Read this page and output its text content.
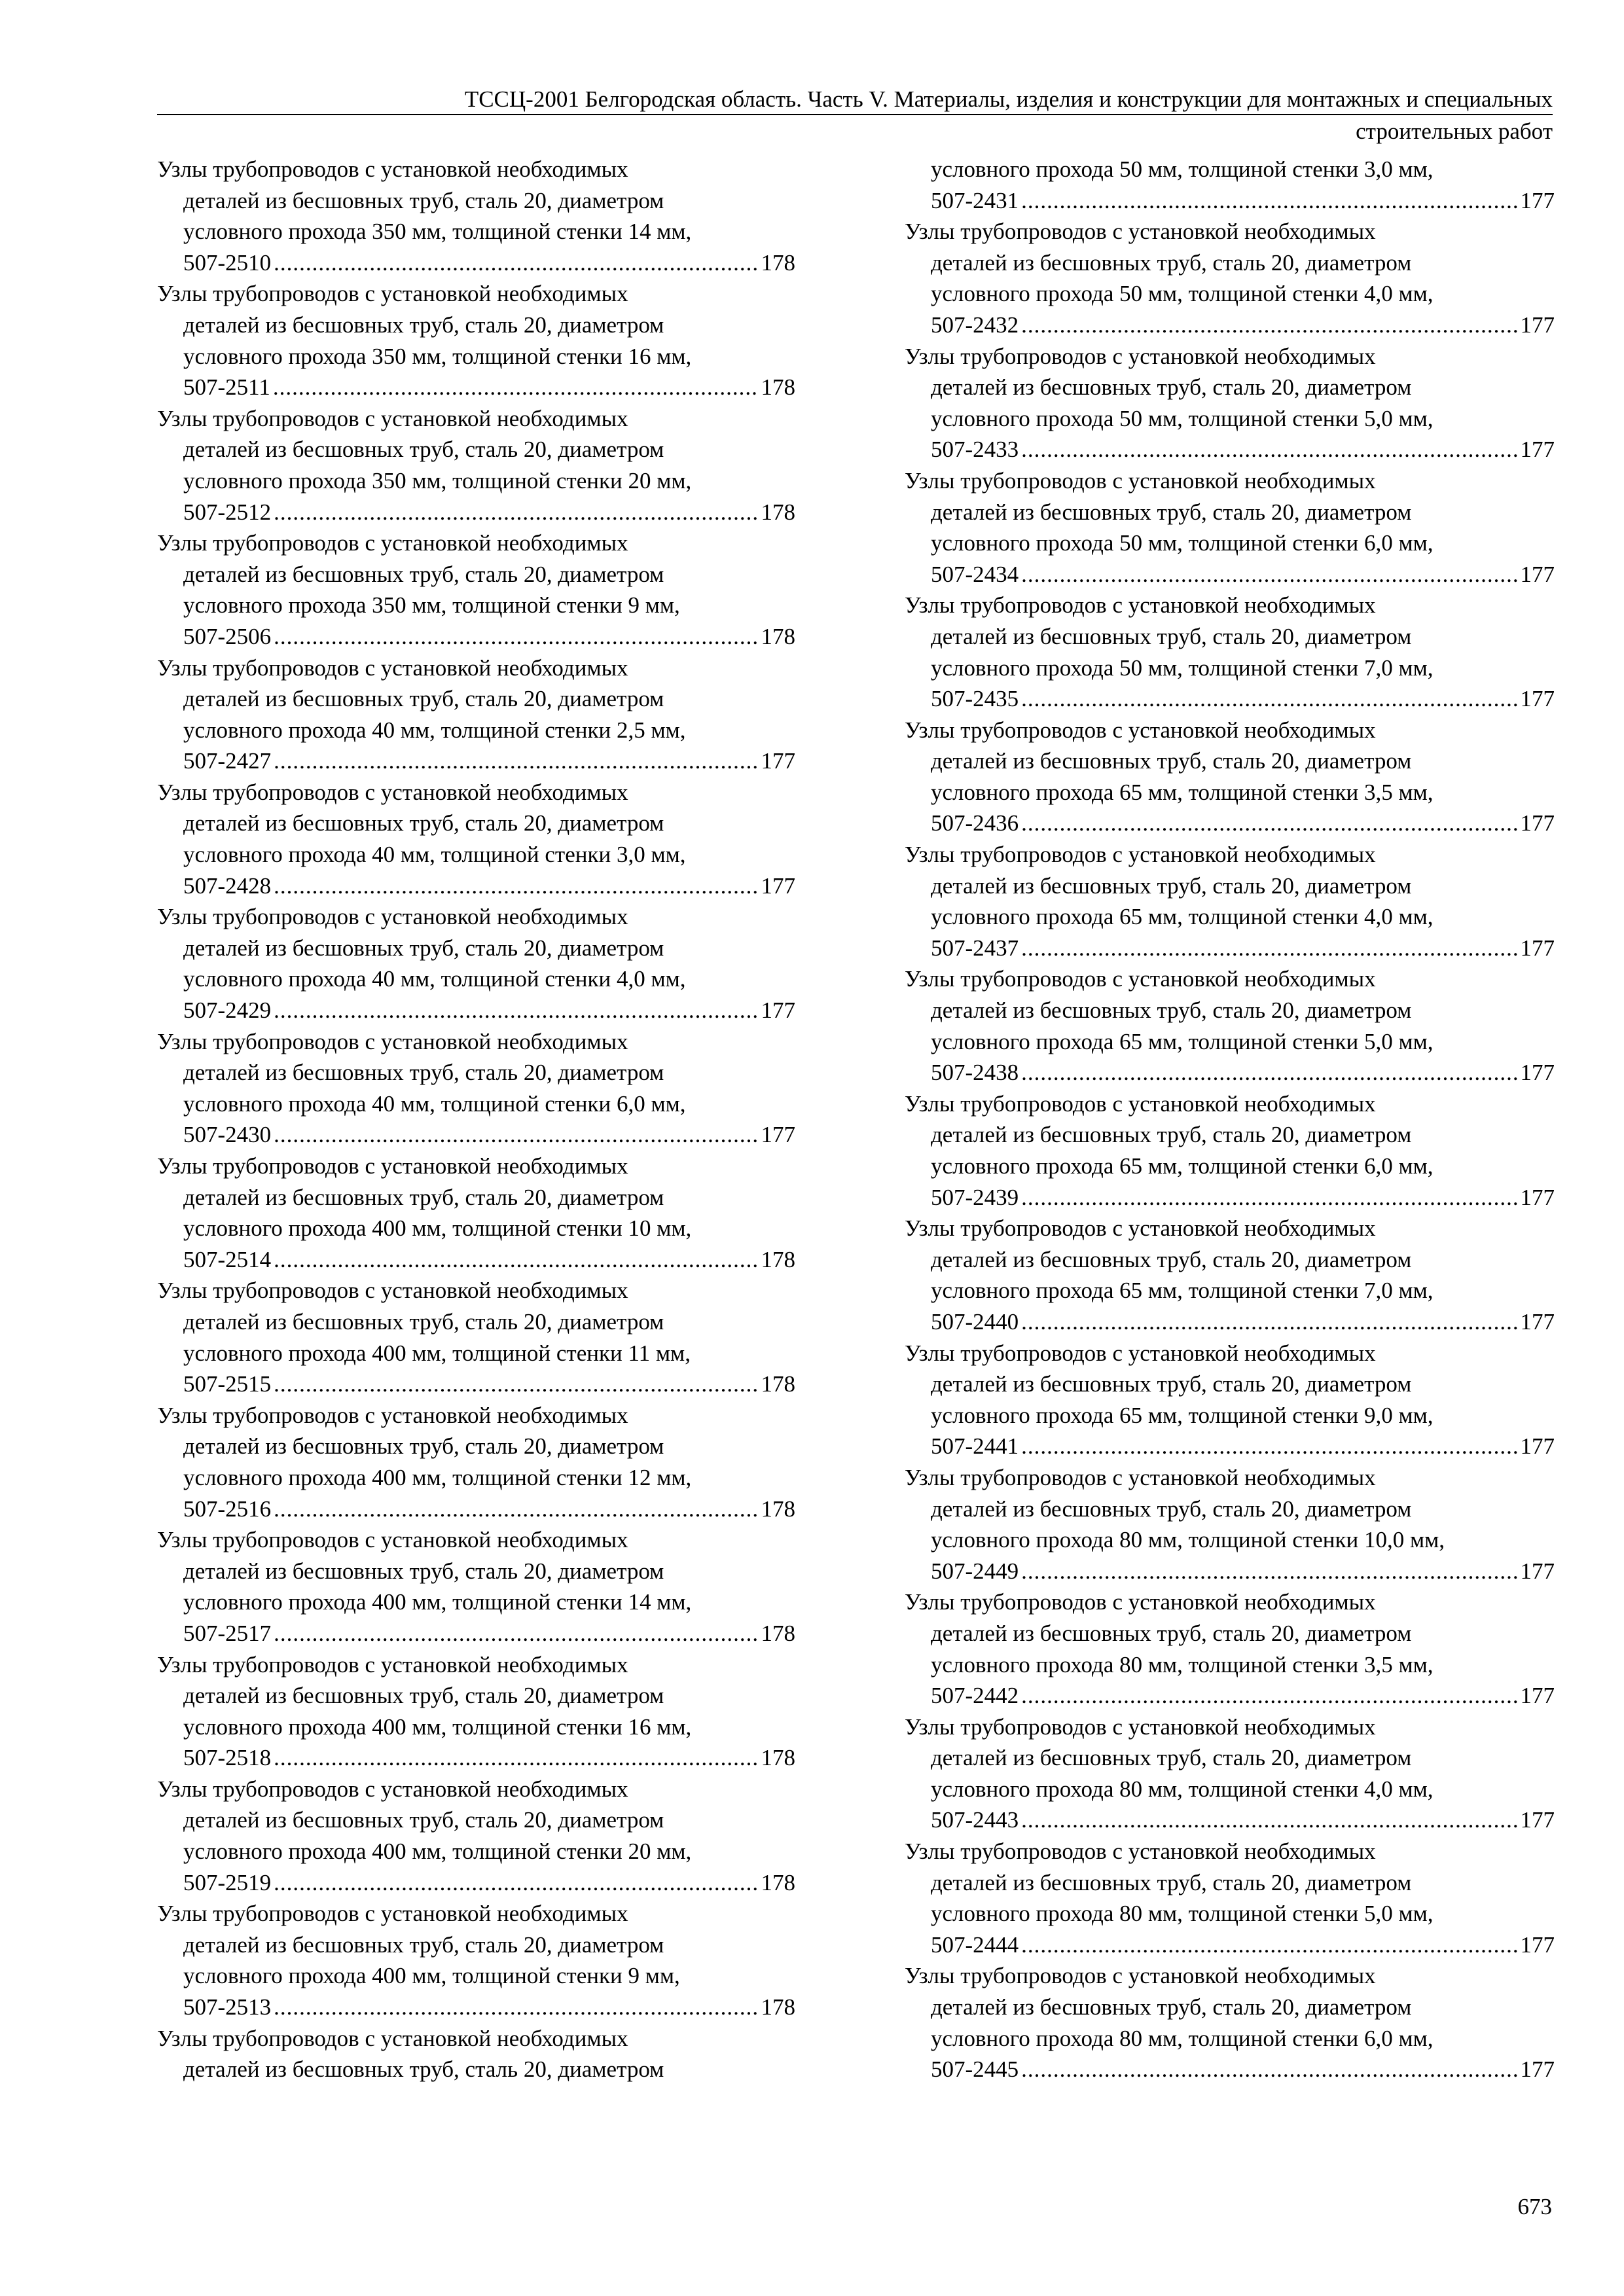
ТССЦ-2001 Белгородская область. Часть V. Материалы, изделия и конструкции для монтажных и специальных
строительных работ
Узлы трубопроводов с установкой необходимых
деталей из бесшовных труб, сталь 20, диаметром
условного прохода 350 мм, толщиной стенки 14 мм,
507-2510 .....	178
Узлы трубопроводов с установкой необходимых
деталей из бесшовных труб, сталь 20, диаметром
условного прохода 350 мм, толщиной стенки 16 мм,
507-2511 .....	178
Узлы трубопроводов с установкой необходимых
деталей из бесшовных труб, сталь 20, диаметром
условного прохода 350 мм, толщиной стенки 20 мм,
507-2512 .....	178
Узлы трубопроводов с установкой необходимых
деталей из бесшовных труб, сталь 20, диаметром
условного прохода 350 мм, толщиной стенки 9 мм,
507-2506 .....	178
Узлы трубопроводов с установкой необходимых
деталей из бесшовных труб, сталь 20, диаметром
условного прохода 40 мм, толщиной стенки 2,5 мм,
507-2427 .....	177
Узлы трубопроводов с установкой необходимых
деталей из бесшовных труб, сталь 20, диаметром
условного прохода 40 мм, толщиной стенки 3,0 мм,
507-2428 .....	177
Узлы трубопроводов с установкой необходимых
деталей из бесшовных труб, сталь 20, диаметром
условного прохода 40 мм, толщиной стенки 4,0 мм,
507-2429 .....	177
Узлы трубопроводов с установкой необходимых
деталей из бесшовных труб, сталь 20, диаметром
условного прохода 40 мм, толщиной стенки 6,0 мм,
507-2430 .....	177
Узлы трубопроводов с установкой необходимых
деталей из бесшовных труб, сталь 20, диаметром
условного прохода 400 мм, толщиной стенки 10 мм,
507-2514 .....	178
Узлы трубопроводов с установкой необходимых
деталей из бесшовных труб, сталь 20, диаметром
условного прохода 400 мм, толщиной стенки 11 мм,
507-2515 .....	178
Узлы трубопроводов с установкой необходимых
деталей из бесшовных труб, сталь 20, диаметром
условного прохода 400 мм, толщиной стенки 12 мм,
507-2516 .....	178
Узлы трубопроводов с установкой необходимых
деталей из бесшовных труб, сталь 20, диаметром
условного прохода 400 мм, толщиной стенки 14 мм,
507-2517 .....	178
Узлы трубопроводов с установкой необходимых
деталей из бесшовных труб, сталь 20, диаметром
условного прохода 400 мм, толщиной стенки 16 мм,
507-2518 .....	178
Узлы трубопроводов с установкой необходимых
деталей из бесшовных труб, сталь 20, диаметром
условного прохода 400 мм, толщиной стенки 20 мм,
507-2519 .....	178
Узлы трубопроводов с установкой необходимых
деталей из бесшовных труб, сталь 20, диаметром
условного прохода 400 мм, толщиной стенки 9 мм,
507-2513 .....	178
Узлы трубопроводов с установкой необходимых
деталей из бесшовных труб, сталь 20, диаметром
условного прохода 50 мм, толщиной стенки 3,0 мм,
507-2431 .....	177
Узлы трубопроводов с установкой необходимых
деталей из бесшовных труб, сталь 20, диаметром
условного прохода 50 мм, толщиной стенки 4,0 мм,
507-2432 .....	177
Узлы трубопроводов с установкой необходимых
деталей из бесшовных труб, сталь 20, диаметром
условного прохода 50 мм, толщиной стенки 5,0 мм,
507-2433 .....	177
Узлы трубопроводов с установкой необходимых
деталей из бесшовных труб, сталь 20, диаметром
условного прохода 50 мм, толщиной стенки 6,0 мм,
507-2434 .....	177
Узлы трубопроводов с установкой необходимых
деталей из бесшовных труб, сталь 20, диаметром
условного прохода 50 мм, толщиной стенки 7,0 мм,
507-2435 .....	177
Узлы трубопроводов с установкой необходимых
деталей из бесшовных труб, сталь 20, диаметром
условного прохода 65 мм, толщиной стенки 3,5 мм,
507-2436 .....	177
Узлы трубопроводов с установкой необходимых
деталей из бесшовных труб, сталь 20, диаметром
условного прохода 65 мм, толщиной стенки 4,0 мм,
507-2437 .....	177
Узлы трубопроводов с установкой необходимых
деталей из бесшовных труб, сталь 20, диаметром
условного прохода 65 мм, толщиной стенки 5,0 мм,
507-2438 .....	177
Узлы трубопроводов с установкой необходимых
деталей из бесшовных труб, сталь 20, диаметром
условного прохода 65 мм, толщиной стенки 6,0 мм,
507-2439 .....	177
Узлы трубопроводов с установкой необходимых
деталей из бесшовных труб, сталь 20, диаметром
условного прохода 65 мм, толщиной стенки 7,0 мм,
507-2440 .....	177
Узлы трубопроводов с установкой необходимых
деталей из бесшовных труб, сталь 20, диаметром
условного прохода 65 мм, толщиной стенки 9,0 мм,
507-2441 .....	177
Узлы трубопроводов с установкой необходимых
деталей из бесшовных труб, сталь 20, диаметром
условного прохода 80 мм, толщиной стенки 10,0 мм,
507-2449 .....	177
Узлы трубопроводов с установкой необходимых
деталей из бесшовных труб, сталь 20, диаметром
условного прохода 80 мм, толщиной стенки 3,5 мм,
507-2442 .....	177
Узлы трубопроводов с установкой необходимых
деталей из бесшовных труб, сталь 20, диаметром
условного прохода 80 мм, толщиной стенки 4,0 мм,
507-2443 .....	177
Узлы трубопроводов с установкой необходимых
деталей из бесшовных труб, сталь 20, диаметром
условного прохода 80 мм, толщиной стенки 5,0 мм,
507-2444 .....	177
Узлы трубопроводов с установкой необходимых
деталей из бесшовных труб, сталь 20, диаметром
условного прохода 80 мм, толщиной стенки 6,0 мм,
507-2445 .....	177
673
